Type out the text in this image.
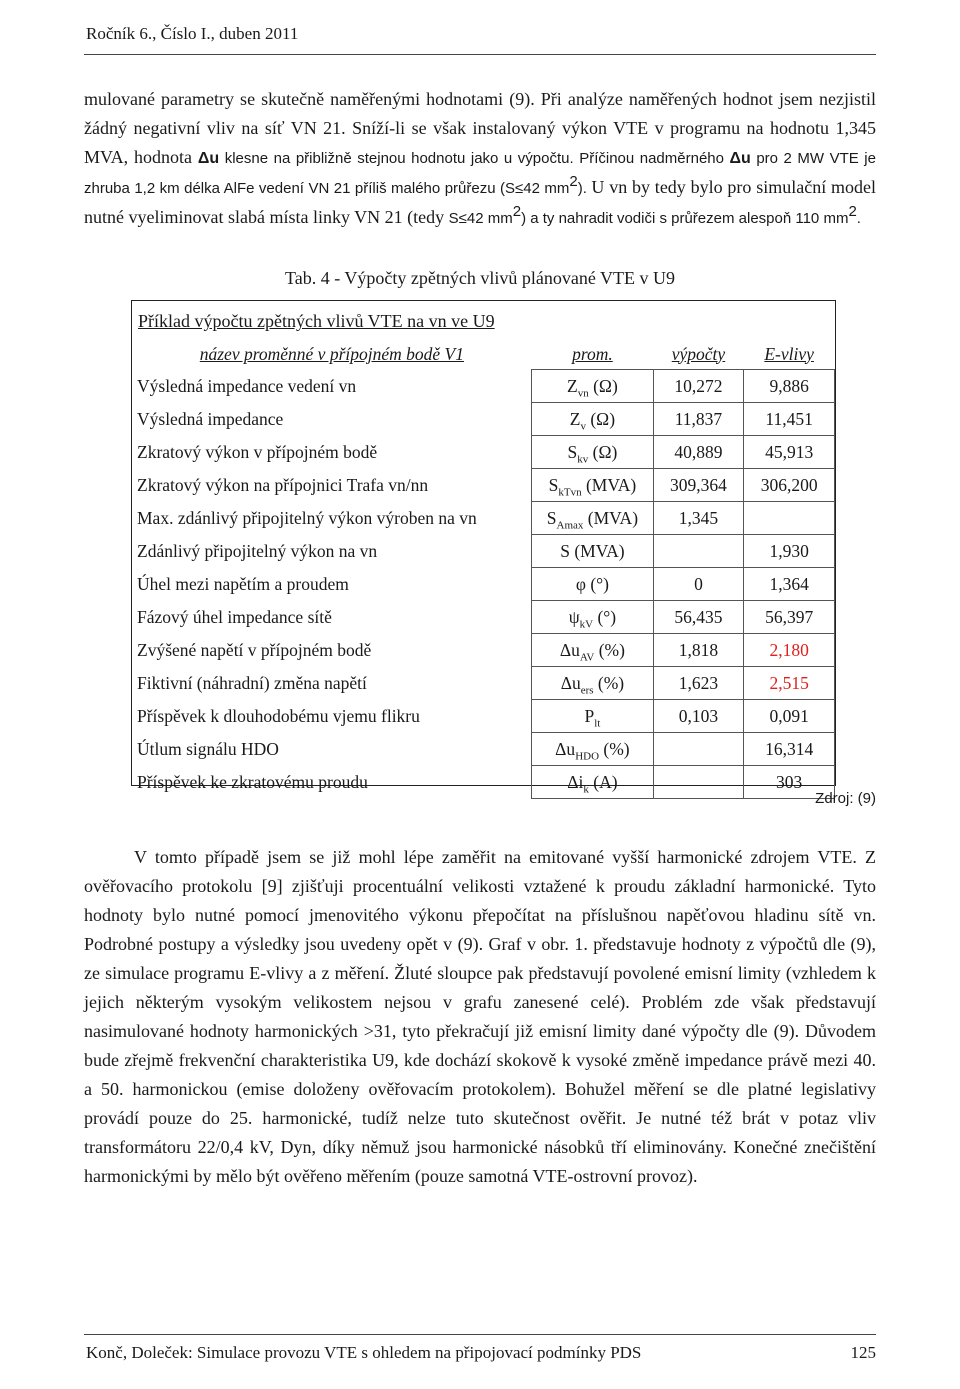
Ročník 6., Číslo I., duben 2011
mulované parametry se skutečně naměřenými hodnotami (9). Při analýze naměřených hodnot jsem nezjistil žádný negativní vliv na síť VN 21. Sníží-li se však instalovaný výkon VTE v programu na hodnotu 1,345 MVA, hodnota Δu klesne na přibližně stejnou hodnotu jako u výpočtu. Příčinou nadměrného Δu pro 2 MW VTE je zhruba 1,2 km délka AlFe vedení VN 21 příliš malého průřezu (S≤42 $mm^2$). U vn by tedy bylo pro simulační model nutné vyeliminovat slabá místa linky VN 21 (tedy S≤42 $mm^2$) a ty nahradit vodiči s průřezem alespoň 110 $mm^2$.
Tab. 4 - Výpočty zpětných vlivů plánované VTE v U9
Příklad výpočtu zpětných vlivů VTE na vn ve U9
název proměnné v přípojném bodě V1	prom.	výpočty	E-vlivy
Výsledná impedance vedení vn	$Z_{vn}$ (Ω)	10,272	9,886
Výsledná impedance	$Z_v$ (Ω)	11,837	11,451
Zkratový výkon v přípojném bodě	$S_{kv}$ (Ω)	40,889	45,913
Zkratový výkon na přípojnici Trafa vn/nn	$S_{kTvn}$ (MVA)	309,364	306,200
Max. zdánlivý připojitelný výkon výroben na vn	$S_{Amax}$ (MVA)	1,345	
Zdánlivý připojitelný výkon na vn	S (MVA)		1,930
Úhel mezi napětím a proudem	φ (°)	0	1,364
Fázový úhel impedance sítě	$\psi_{kV}$ (°)	56,435	56,397
Zvýšené napětí v přípojném bodě	$\Delta u_{AV}$ (%)	1,818	2,180
Fiktivní (náhradní) změna napětí	$\Delta u_{ers}$ (%)	1,623	2,515
Příspěvek k dlouhodobému vjemu flikru	$P_{lt}$	0,103	0,091
Útlum signálu HDO	$\Delta u_{HDO}$ (%)		16,314
Příspěvek ke zkratovému proudu	$\Delta i_k$ (A)		303
Zdroj: (9)
V tomto případě jsem se již mohl lépe zaměřit na emitované vyšší harmonické zdrojem VTE. Z ověřovacího protokolu [9] zjišťuji procentuální velikosti vztažené k proudu základní harmonické. Tyto hodnoty bylo nutné pomocí jmenovitého výkonu přepočítat na příslušnou napěťovou hladinu sítě vn. Podrobné postupy a výsledky jsou uvedeny opět v (9). Graf v obr. 1. představuje hodnoty z výpočtů dle (9), ze simulace programu E-vlivy a z měření. Žluté sloupce pak představují povolené emisní limity (vzhledem k jejich některým vysokým velikostem nejsou v grafu zanesené celé). Problém zde však představují nasimulované hodnoty harmonických >31, tyto překračují již emisní limity dané výpočty dle (9). Důvodem bude zřejmě frekvenční charakteristika U9, kde dochází skokově k vysoké změně impedance právě mezi 40. a 50. harmonickou (emise doloženy ověřovacím protokolem). Bohužel měření se dle platné legislativy provádí pouze do 25. harmonické, tudíž nelze tuto skutečnost ověřit. Je nutné též brát v potaz vliv transformátoru 22/0,4 kV, Dyn, díky němuž jsou harmonické násobků tří eliminovány. Konečné znečištění harmonickými by mělo být ověřeno měřením (pouze samotná VTE-ostrovní provoz).
Konč, Doleček: Simulace provozu VTE s ohledem na připojovací podmínky PDS	125
